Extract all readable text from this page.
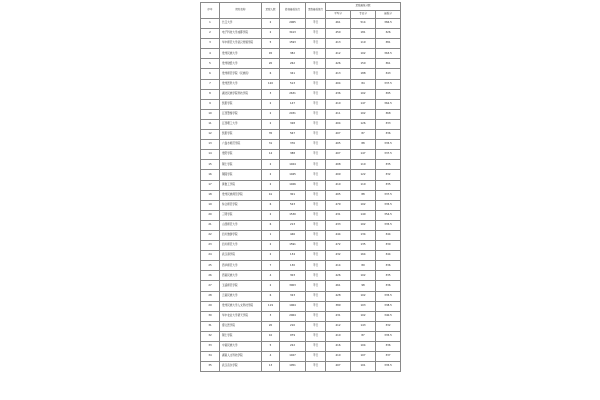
序号	院校名称	录取人数	投档最低位次	录取最低批次	录取最低分数		
					平均分	专业分	最低分
1	长江大学	2	2965	平行	461	514	384.5
2	电子科技大学成都学院	2	3413	平行	450	181	326
3	华中师范大学武汉传媒学院	5	1593	平行	413	119	381
4	贵州民族大学	45	382	平行	412	102	363.5
5	贵州财经大学	20	262	平行	426	150	361
6	贵州师范学院（民族班）	6	341	平行	413	188	343
7	贵州医科大学	120	513	平行	404	84	337.5
8	湖北民族学院科技学院	3	2631	平行	436	102	395
9	凯里学院	2	147	平行	410	147	362.5
10	江西警察学院	2	2031	平行	411	102	368
11	江西理工大学	2	328	平行	404	126	333
12	凯里学院	35	567	平行	407	87	336
13	六盘水师范学院	31	376	平行	405	88	335.5
14	贵阳学院	14	388	平行	407	147	337.5
15	铜仁学院	2	1024	平行	408	110	335
16	铜陵学院	2	1045	平行	409	122	332
17	黄淮工学院	2	1026	平行	410	110	335
18	贵州民族师范学院	41	301	平行	405	88	337.5
19	综合师范学院	6	523	平行	479	102	335.5
20	三明学院	2	1530	平行	431	140	354.5
21	山西师范大学	6	213	平行	433	102	335.5
22	四川旅游学院	1	446	平行	444	134	344
23	四川师范大学	2	1591	平行	472	135	330
24	武汉商学院	2	134	平行	432	164	344
25	西华师范大学	7	130	平行	414	89	336
26	西南民族大学	4	303	平行	426	102	335
27	玉溪师范学院	2	3003	平行	461	98	336
28	云南民族大学	6	323	平行	428	102	335.5
29	贵州民族大学人文科技学院	119	1064	平行	389	103	338.5
30	华中农业大学楚天学院	3	2064	平行	431	102	340.5
31	遵义医学院	20	210	平行	412	143	332
32	铜仁学院	10	979	平行	410	87	335.5
33	中南民族大学	5	222	平行	416	104	336
34	湖南人文科技学院	4	1027	平行	410	107	337
35	武汉音乐学院	13	1051	平行	407	101	335.5
